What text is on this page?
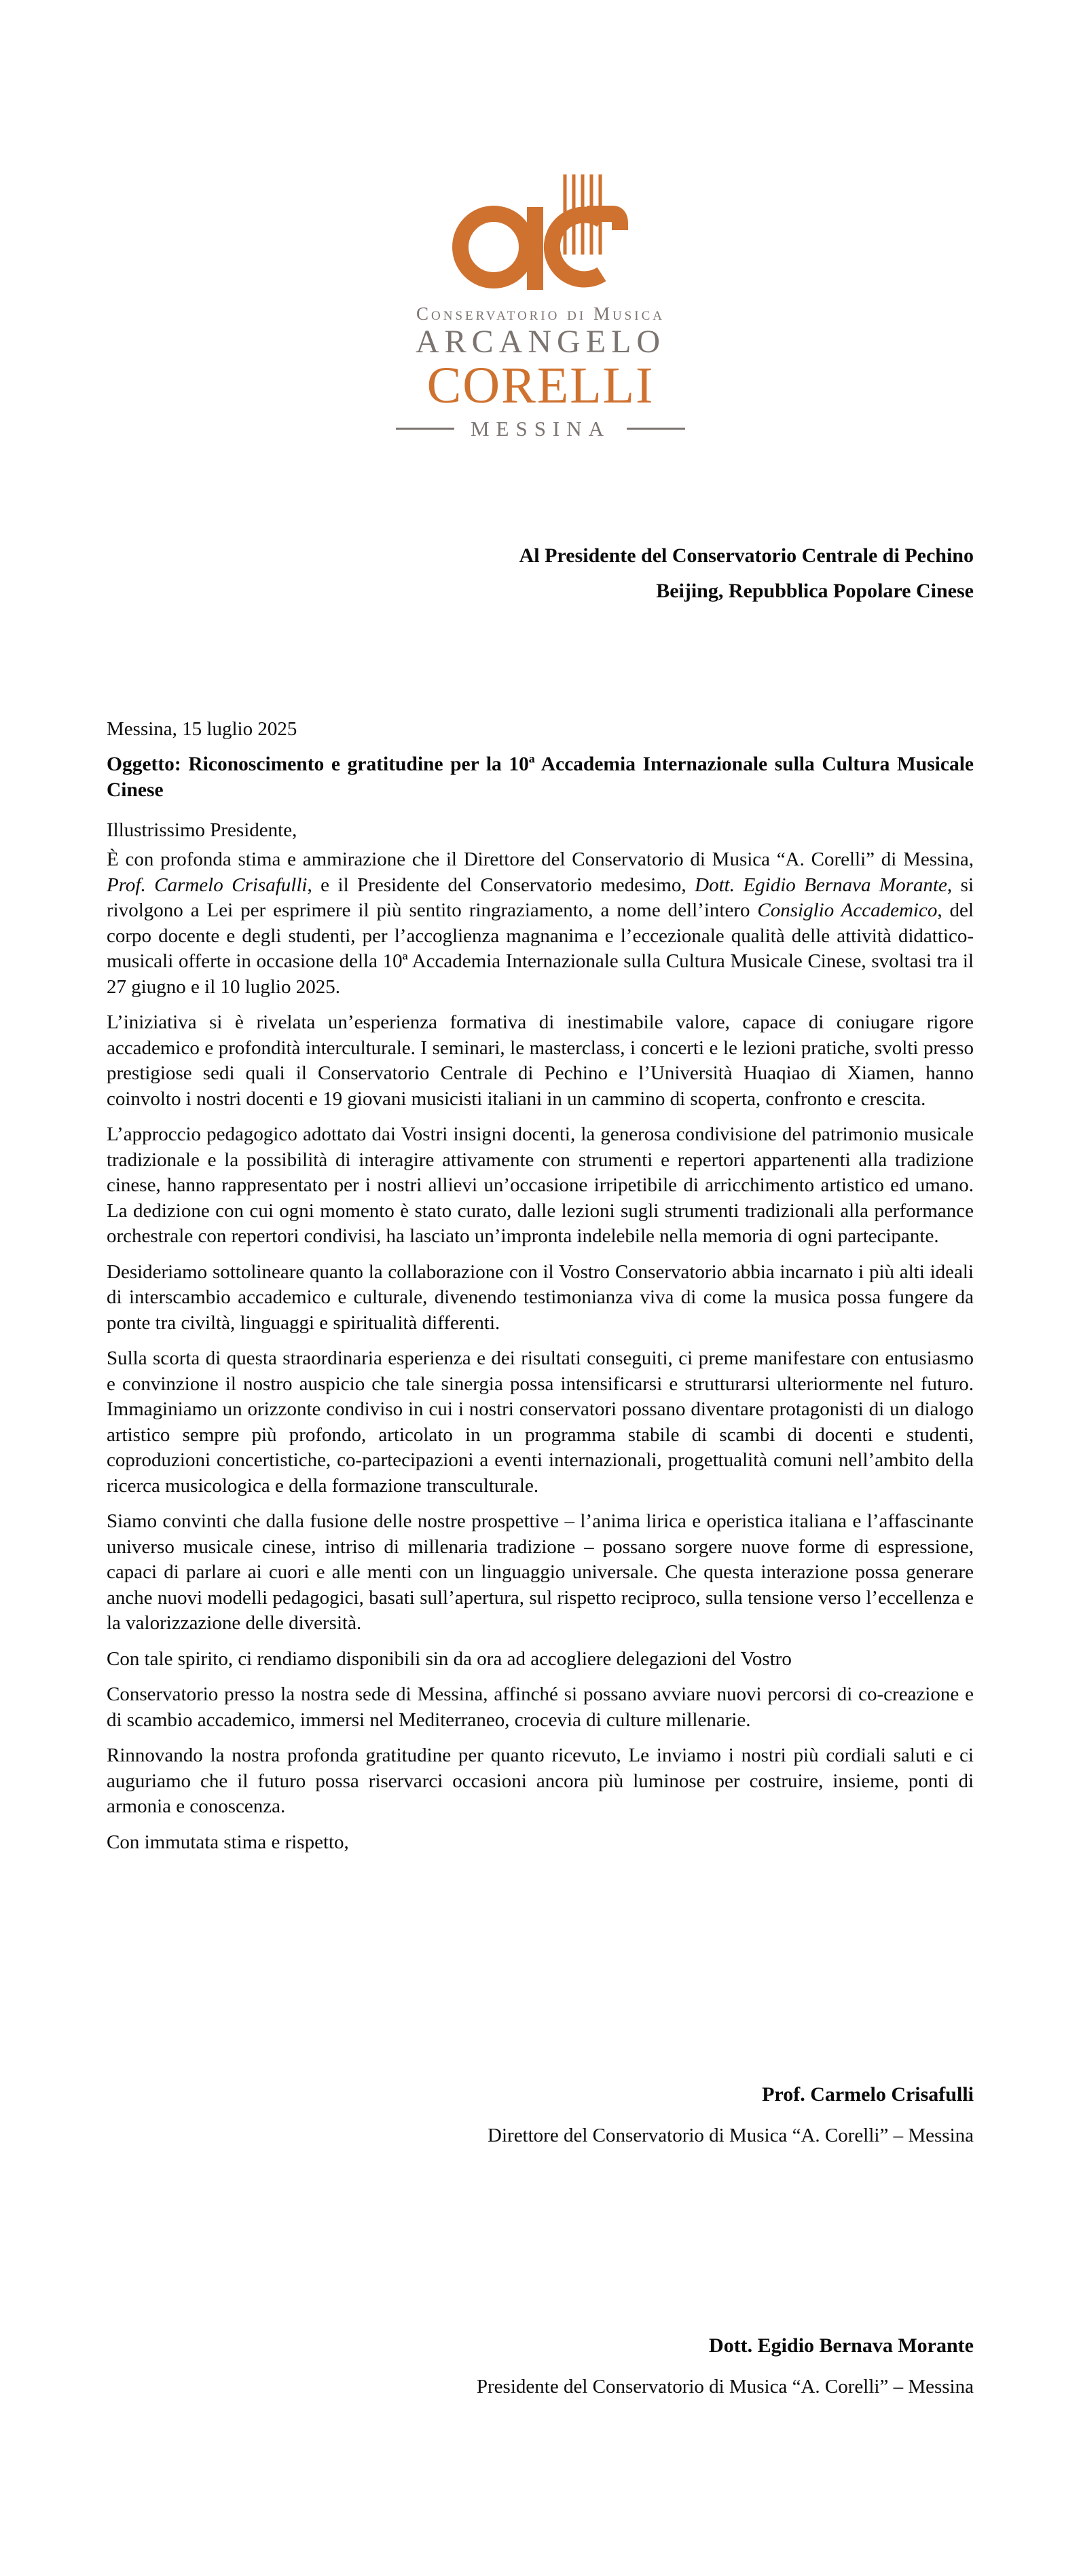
Conservatorio di Musica
ARCANGELO
CORELLI
MESSINA
Al Presidente del Conservatorio Centrale di Pechino
Beijing, Repubblica Popolare Cinese
Messina, 15 luglio 2025
Oggetto: Riconoscimento e gratitudine per la 10ª Accademia Internazionale sulla Cultura Musicale Cinese
Illustrissimo Presidente,

È con profonda stima e ammirazione che il Direttore del Conservatorio di Musica “A. Corelli” di Messina, Prof. Carmelo Crisafulli, e il Presidente del Conservatorio medesimo, Dott. Egidio Bernava Morante, si rivolgono a Lei per esprimere il più sentito ringraziamento, a nome dell’intero Consiglio Accademico, del corpo docente e degli studenti, per l’accoglienza magnanima e l’eccezionale qualità delle attività didattico-musicali offerte in occasione della 10ª Accademia Internazionale sulla Cultura Musicale Cinese, svoltasi tra il 27 giugno e il 10 luglio 2025.

L’iniziativa si è rivelata un’esperienza formativa di inestimabile valore, capace di coniugare rigore accademico e profondità interculturale. I seminari, le masterclass, i concerti e le lezioni pratiche, svolti presso prestigiose sedi quali il Conservatorio Centrale di Pechino e l’Università Huaqiao di Xiamen, hanno coinvolto i nostri docenti e 19 giovani musicisti italiani in un cammino di scoperta, confronto e crescita.

L’approccio pedagogico adottato dai Vostri insigni docenti, la generosa condivisione del patrimonio musicale tradizionale e la possibilità di interagire attivamente con strumenti e repertori appartenenti alla tradizione cinese, hanno rappresentato per i nostri allievi un’occasione irripetibile di arricchimento artistico ed umano. La dedizione con cui ogni momento è stato curato, dalle lezioni sugli strumenti tradizionali alla performance orchestrale con repertori condivisi, ha lasciato un’impronta indelebile nella memoria di ogni partecipante.

Desideriamo sottolineare quanto la collaborazione con il Vostro Conservatorio abbia incarnato i più alti ideali di interscambio accademico e culturale, divenendo testimonianza viva di come la musica possa fungere da ponte tra civiltà, linguaggi e spiritualità differenti.

Sulla scorta di questa straordinaria esperienza e dei risultati conseguiti, ci preme manifestare con entusiasmo e convinzione il nostro auspicio che tale sinergia possa intensificarsi e strutturarsi ulteriormente nel futuro. Immaginiamo un orizzonte condiviso in cui i nostri conservatori possano diventare protagonisti di un dialogo artistico sempre più profondo, articolato in un programma stabile di scambi di docenti e studenti, coproduzioni concertistiche, co-partecipazioni a eventi internazionali, progettualità comuni nell’ambito della ricerca musicologica e della formazione transculturale.

Siamo convinti che dalla fusione delle nostre prospettive – l’anima lirica e operistica italiana e l’affascinante universo musicale cinese, intriso di millenaria tradizione – possano sorgere nuove forme di espressione, capaci di parlare ai cuori e alle menti con un linguaggio universale. Che questa interazione possa generare anche nuovi modelli pedagogici, basati sull’apertura, sul rispetto reciproco, sulla tensione verso l’eccellenza e la valorizzazione delle diversità.

Con tale spirito, ci rendiamo disponibili sin da ora ad accogliere delegazioni del Vostro

Conservatorio presso la nostra sede di Messina, affinché si possano avviare nuovi percorsi di co-creazione e di scambio accademico, immersi nel Mediterraneo, crocevia di culture millenarie.

Rinnovando la nostra profonda gratitudine per quanto ricevuto, Le inviamo i nostri più cordiali saluti e ci auguriamo che il futuro possa riservarci occasioni ancora più luminose per costruire, insieme, ponti di armonia e conoscenza.

Con immutata stima e rispetto,

Prof. Carmelo Crisafulli
Direttore del Conservatorio di Musica “A. Corelli” – Messina
Dott. Egidio Bernava Morante
Presidente del Conservatorio di Musica “A. Corelli” – Messina
